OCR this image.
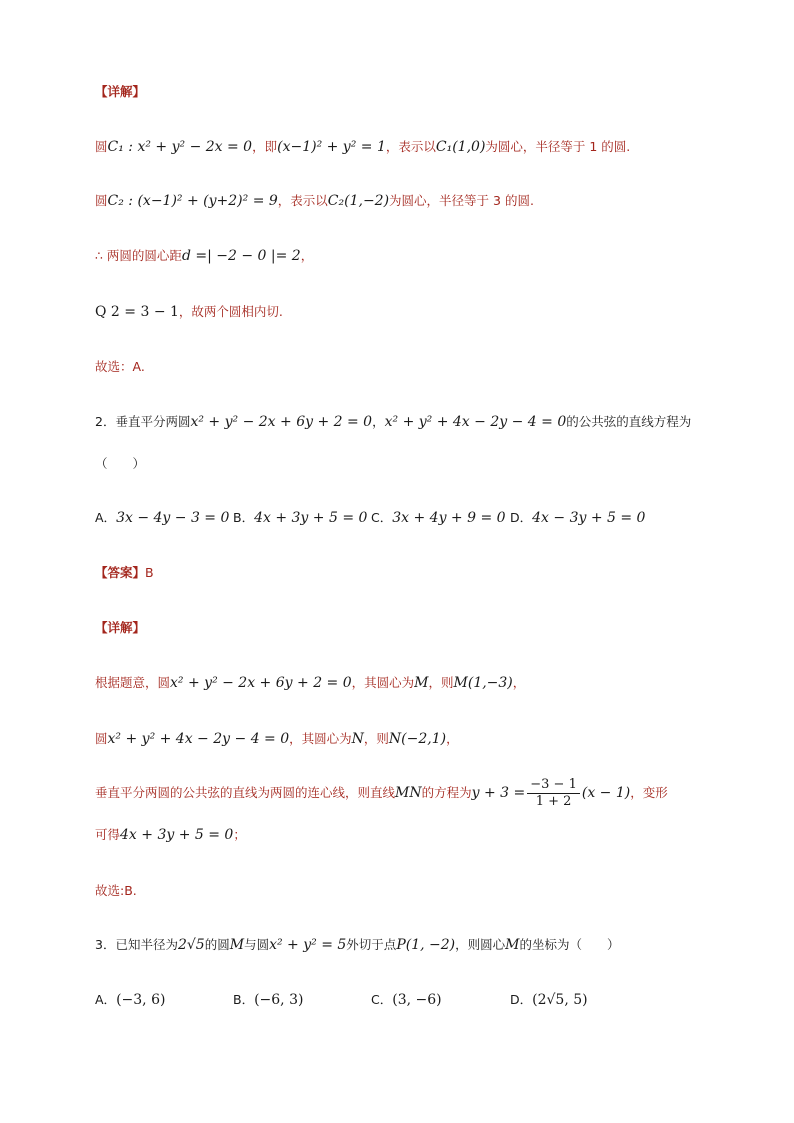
【详解】
圆C₁ : x² + y² − 2x = 0，即(x−1)² + y² = 1，表示以C₁(1,0)为圆心，半径等于 1 的圆.
圆C₂ : (x−1)² + (y+2)² = 9，表示以C₂(1,−2)为圆心，半径等于 3 的圆.
∴ 两圆的圆心距d =| −2 − 0 |= 2，
Q 2 = 3 − 1，故两个圆相内切.
故选：A.
2．垂直平分两圆x² + y² − 2x + 6y + 2 = 0，x² + y² + 4x − 2y − 4 = 0的公共弦的直线方程为
（　　）
A．3x − 4y − 3 = 0 B．4x + 3y + 5 = 0 C．3x + 4y + 9 = 0 D．4x − 3y + 5 = 0
【答案】B
【详解】
根据题意，圆x² + y² − 2x + 6y + 2 = 0，其圆心为M，则M(1,−3)，
圆x² + y² + 4x − 2y − 4 = 0，其圆心为N，则N(−2,1)，
垂直平分两圆的公共弦的直线为两圆的连心线，则直线MN的方程为$y + 3 = \frac{-3 - 1}{1 + 2} (x - 1)$，变形
可得4x + 3y + 5 = 0；
故选:B.
3．已知半径为2√5的圆M与圆x² + y² = 5外切于点P(1, −2)，则圆心M的坐标为（　　）
A．(−3, 6)	B．(−6, 3)	C．(3, −6)	D．(2√5, 5)
